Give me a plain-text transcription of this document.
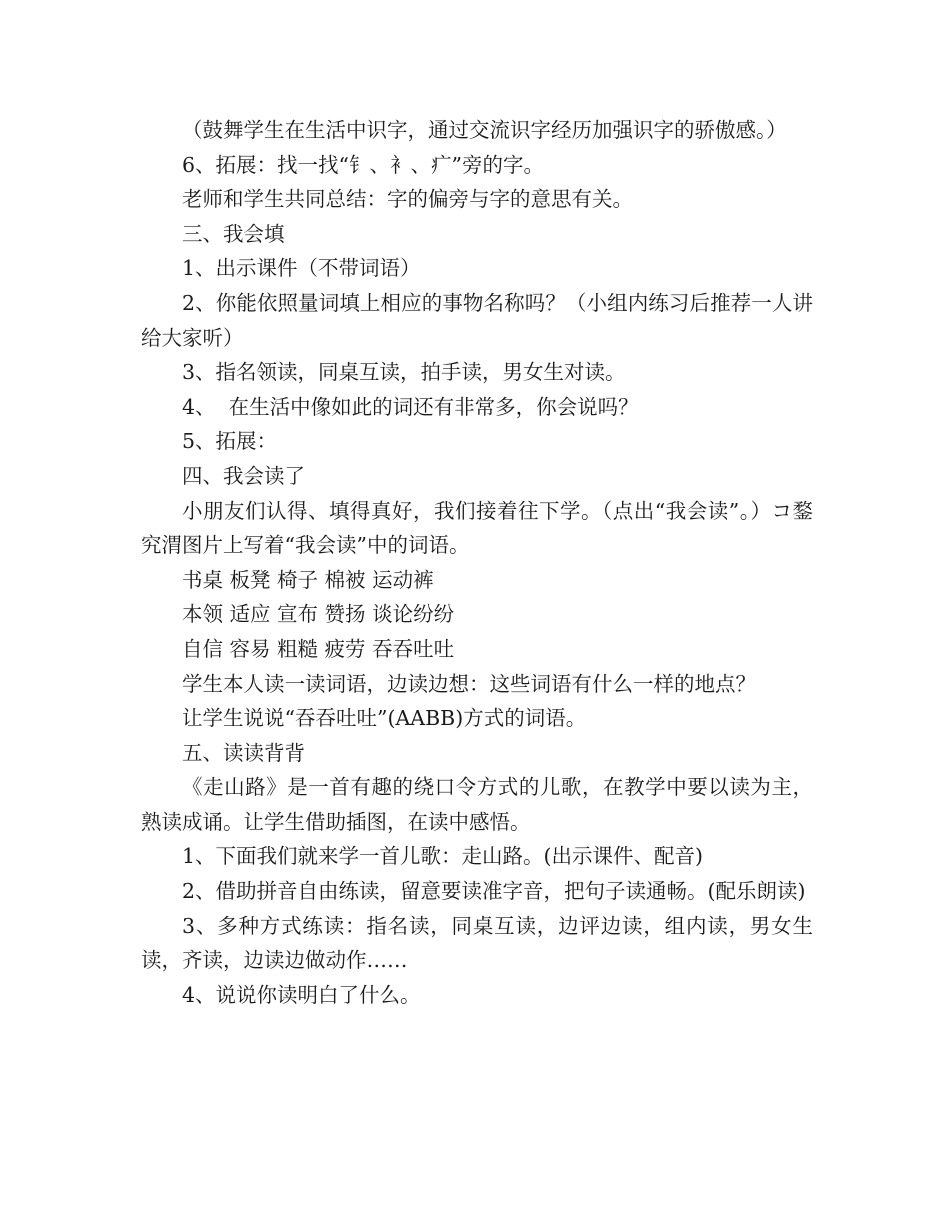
（鼓舞学生在生活中识字，通过交流识字经历加强识字的骄傲感。）

6、拓展：找一找“钅、衤、疒”旁的字。

老师和学生共同总结：字的偏旁与字的意思有关。

三、我会填

1、出示课件（不带词语）

2、你能依照量词填上相应的事物名称吗？（小组内练习后推荐一人讲给大家听）

3、指名领读，同桌互读，拍手读，男女生对读。

4、  在生活中像如此的词还有非常多，你会说吗？

5、拓展：

四、我会读了

小朋友们认得、填得真好，我们接着往下学。（点出“我会读”。）コ鍪究渭图片上写着“我会读”中的词语。

书桌 板凳 椅子 棉被 运动裤

本领 适应 宣布 赞扬 谈论纷纷

自信 容易 粗糙 疲劳 吞吞吐吐

学生本人读一读词语，边读边想：这些词语有什么一样的地点？

让学生说说“吞吞吐吐”(AABB)方式的词语。

五、读读背背

《走山路》是一首有趣的绕口令方式的儿歌，在教学中要以读为主，熟读成诵。让学生借助插图，在读中感悟。

1、下面我们就来学一首儿歌：走山路。(出示课件、配音)

2、借助拼音自由练读，留意要读准字音，把句子读通畅。(配乐朗读)

3、多种方式练读：指名读，同桌互读，边评边读，组内读，男女生读，齐读，边读边做动作……

4、说说你读明白了什么。
